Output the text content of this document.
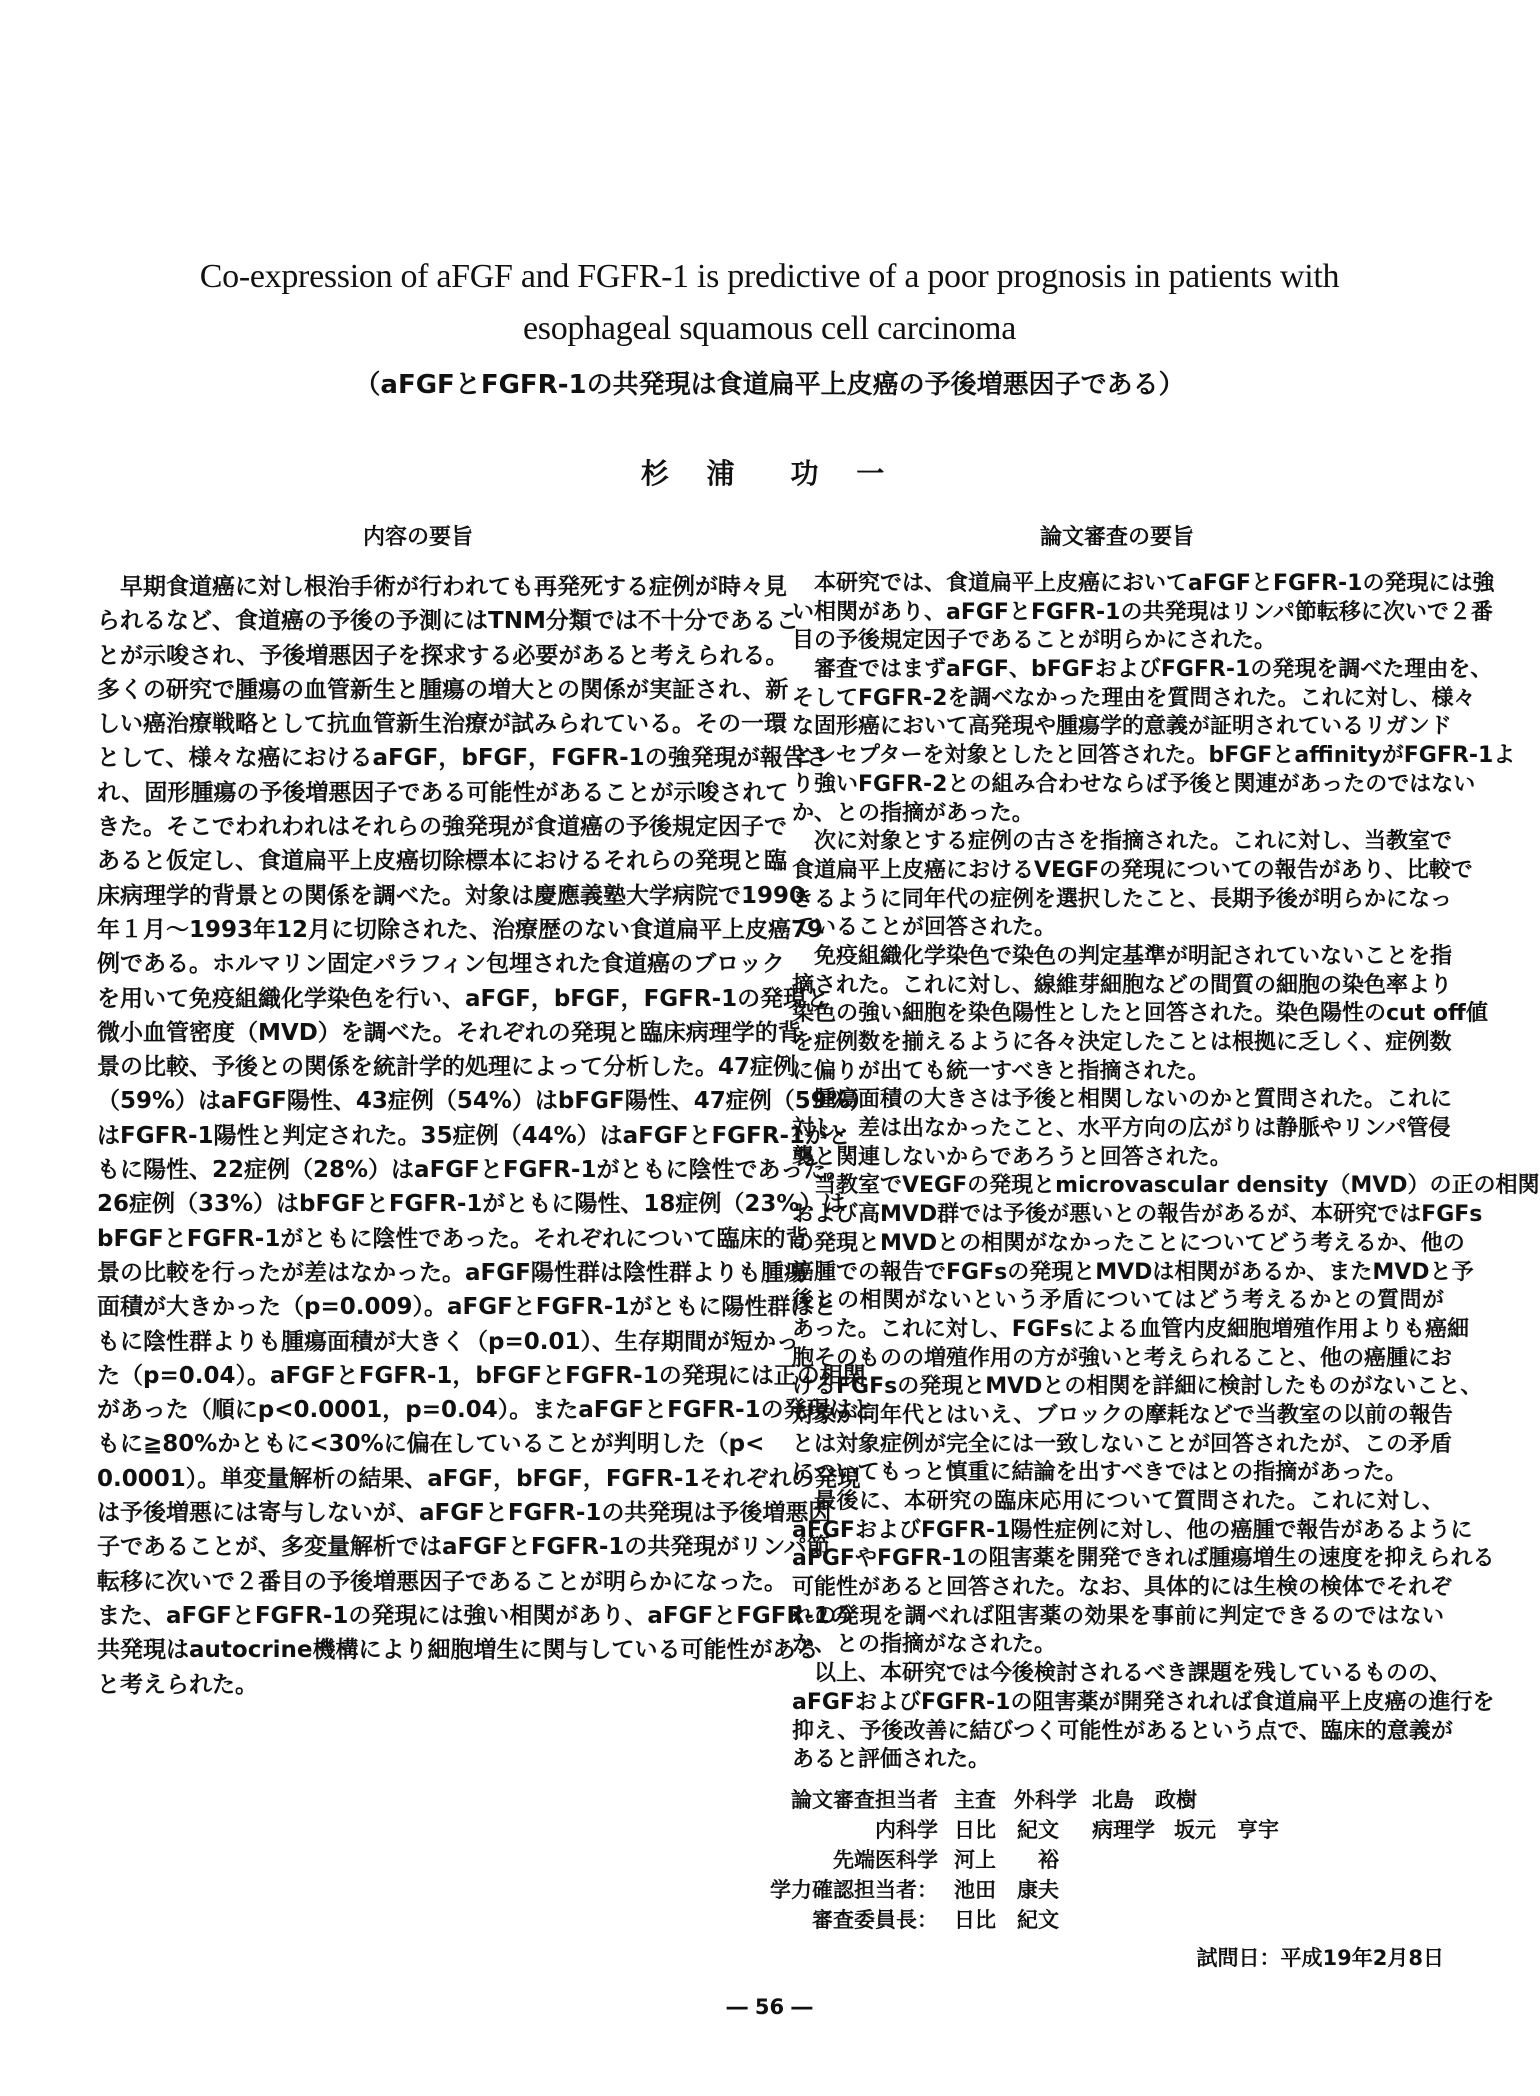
Co-expression of aFGF and FGFR-1 is predictive of a poor prognosis in patients with
esophageal squamous cell carcinoma
（aFGFとFGFR-1の共発現は食道扁平上皮癌の予後増悪因子である）
杉 浦　功 一
内容の要旨	論文審査の要旨
早期食道癌に対し根治手術が行われても再発死する症例が時々見
られるなど、食道癌の予後の予測にはTNM分類では不十分であるこ
とが示唆され、予後増悪因子を探求する必要があると考えられる。
多くの研究で腫瘍の血管新生と腫瘍の増大との関係が実証され、新
しい癌治療戦略として抗血管新生治療が試みられている。その一環
として、様々な癌におけるaFGF，bFGF，FGFR-1の強発現が報告さ
れ、固形腫瘍の予後増悪因子である可能性があることが示唆されて
きた。そこでわれわれはそれらの強発現が食道癌の予後規定因子で
あると仮定し、食道扁平上皮癌切除標本におけるそれらの発現と臨
床病理学的背景との関係を調べた。対象は慶應義塾大学病院で1990
年１月～1993年12月に切除された、治療歴のない食道扁平上皮癌79
例である。ホルマリン固定パラフィン包埋された食道癌のブロック
を用いて免疫組織化学染色を行い、aFGF，bFGF，FGFR-1の発現と
微小血管密度（MVD）を調べた。それぞれの発現と臨床病理学的背
景の比較、予後との関係を統計学的処理によって分析した。47症例
（59%）はaFGF陽性、43症例（54%）はbFGF陽性、47症例（59%）
はFGFR-1陽性と判定された。35症例（44%）はaFGFとFGFR-1がと
もに陽性、22症例（28%）はaFGFとFGFR-1がともに陰性であった。
26症例（33%）はbFGFとFGFR-1がともに陽性、18症例（23%）は
bFGFとFGFR-1がともに陰性であった。それぞれについて臨床的背
景の比較を行ったが差はなかった。aFGF陽性群は陰性群よりも腫瘍
面積が大きかった（p=0.009）。aFGFとFGFR-1がともに陽性群はと
もに陰性群よりも腫瘍面積が大きく（p=0.01）、生存期間が短かっ
た（p=0.04）。aFGFとFGFR-1，bFGFとFGFR-1の発現には正の相関
があった（順にp<0.0001，p=0.04）。またaFGFとFGFR-1の発現はと
もに≧80%かともに<30%に偏在していることが判明した（p<
0.0001）。単変量解析の結果、aFGF，bFGF，FGFR-1それぞれの発現
は予後増悪には寄与しないが、aFGFとFGFR-1の共発現は予後増悪因
子であることが、多変量解析ではaFGFとFGFR-1の共発現がリンパ節
転移に次いで２番目の予後増悪因子であることが明らかになった。
また、aFGFとFGFR-1の発現には強い相関があり、aFGFとFGFR-1の
共発現はautocrine機構により細胞増生に関与している可能性がある
と考えられた。
本研究では、食道扁平上皮癌においてaFGFとFGFR-1の発現には強
い相関があり、aFGFとFGFR-1の共発現はリンパ節転移に次いで２番
目の予後規定因子であることが明らかにされた。
審査ではまずaFGF、bFGFおよびFGFR-1の発現を調べた理由を、
そしてFGFR-2を調べなかった理由を質問された。これに対し、様々
な固形癌において高発現や腫瘍学的意義が証明されているリガンド
とレセプターを対象としたと回答された。bFGFとaffinityがFGFR-1よ
り強いFGFR-2との組み合わせならば予後と関連があったのではない
か、との指摘があった。
次に対象とする症例の古さを指摘された。これに対し、当教室で
食道扁平上皮癌におけるVEGFの発現についての報告があり、比較で
きるように同年代の症例を選択したこと、長期予後が明らかになっ
ていることが回答された。
免疫組織化学染色で染色の判定基準が明記されていないことを指
摘された。これに対し、線維芽細胞などの間質の細胞の染色率より
染色の強い細胞を染色陽性としたと回答された。染色陽性のcut off値
を症例数を揃えるように各々決定したことは根拠に乏しく、症例数
に偏りが出ても統一すべきと指摘された。
腫瘍面積の大きさは予後と相関しないのかと質問された。これに
対し、差は出なかったこと、水平方向の広がりは静脈やリンパ管侵
襲と関連しないからであろうと回答された。
当教室でVEGFの発現とmicrovascular density（MVD）の正の相関
および高MVD群では予後が悪いとの報告があるが、本研究ではFGFs
の発現とMVDとの相関がなかったことについてどう考えるか、他の
癌腫での報告でFGFsの発現とMVDは相関があるか、またMVDと予
後との相関がないという矛盾についてはどう考えるかとの質問が
あった。これに対し、FGFsによる血管内皮細胞増殖作用よりも癌細
胞そのものの増殖作用の方が強いと考えられること、他の癌腫にお
けるFGFsの発現とMVDとの相関を詳細に検討したものがないこと、
対象が同年代とはいえ、ブロックの摩耗などで当教室の以前の報告
とは対象症例が完全には一致しないことが回答されたが、この矛盾
についてもっと慎重に結論を出すべきではとの指摘があった。
最後に、本研究の臨床応用について質問された。これに対し、
aFGFおよびFGFR-1陽性症例に対し、他の癌腫で報告があるように
aFGFやFGFR-1の阻害薬を開発できれば腫瘍増生の速度を抑えられる
可能性があると回答された。なお、具体的には生検の検体でそれぞ
れの発現を調べれば阻害薬の効果を事前に判定できるのではない
か、との指摘がなされた。
以上、本研究では今後検討されるべき課題を残しているものの、
aFGFおよびFGFR-1の阻害薬が開発されれば食道扁平上皮癌の進行を
抑え、予後改善に結びつく可能性があるという点で、臨床的意義が
あると評価された。
論文審査担当者 主査 外科学 北島　政樹
内科学 日比　紀文 病理学 坂元　亨宇
先端医科学 河上　　裕
学力確認担当者： 池田　康夫
審査委員長： 日比　紀文
試問日：平成19年2月8日
― 56 ―
